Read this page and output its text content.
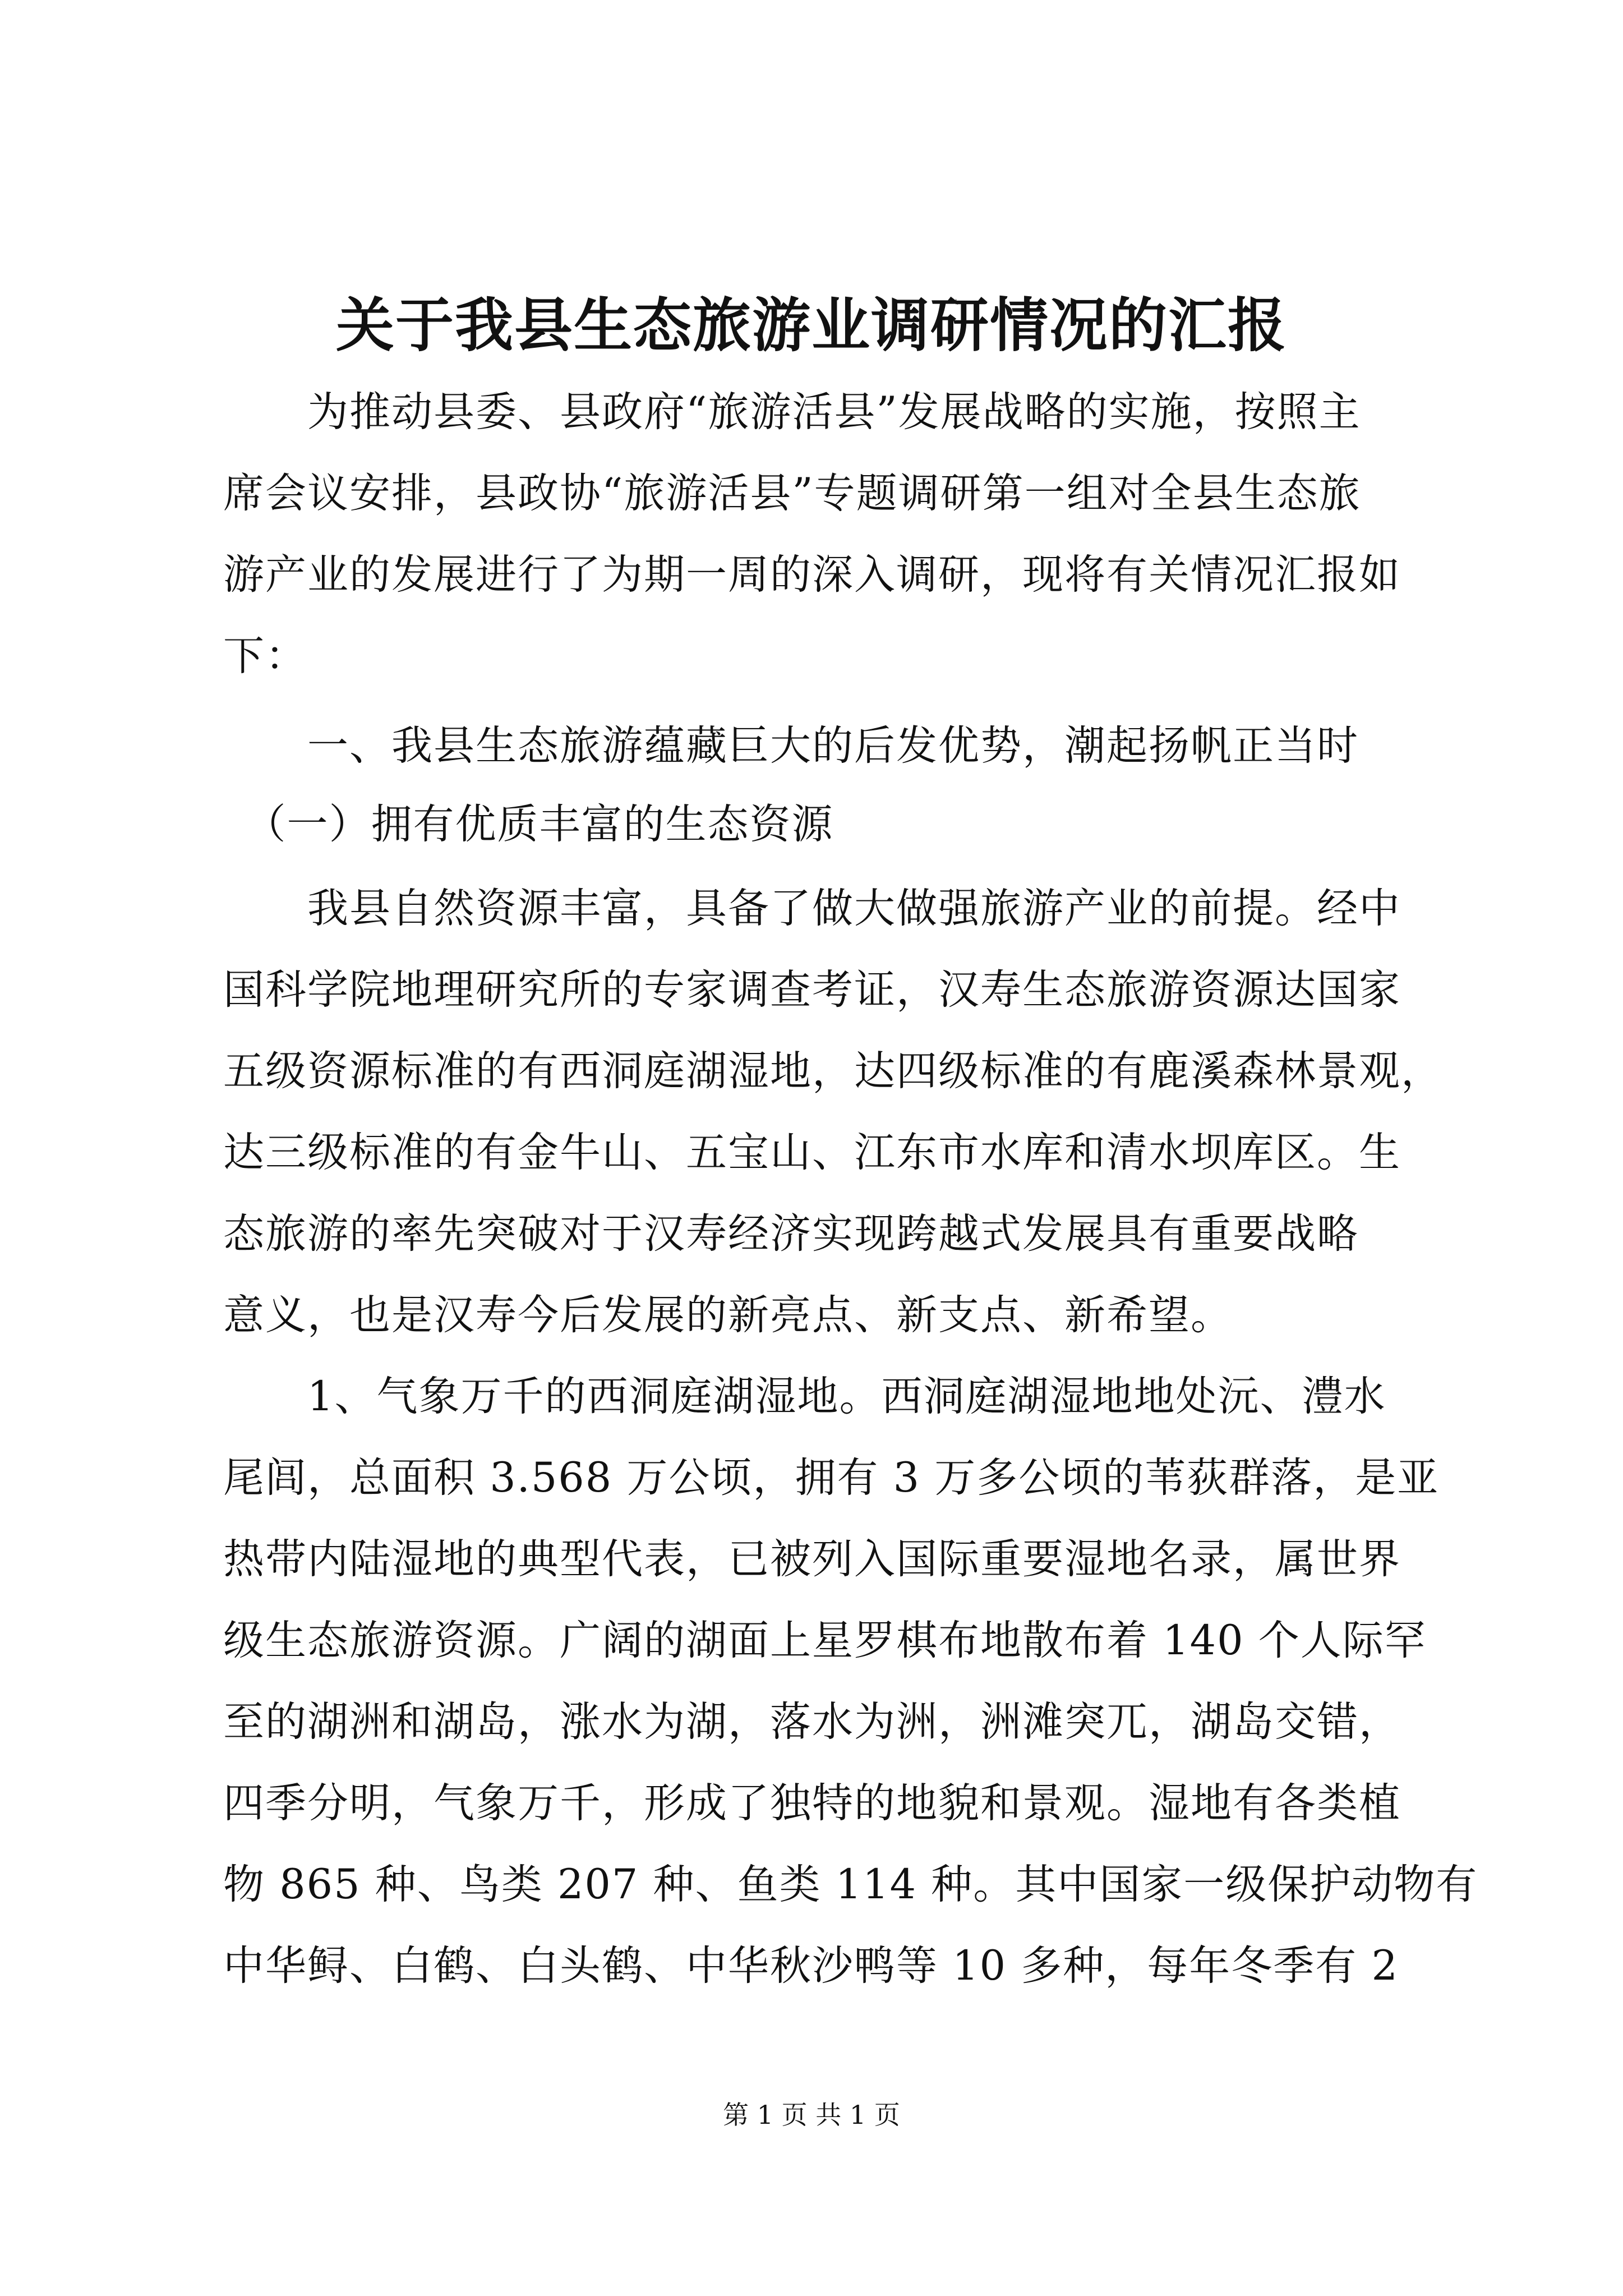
关于我县生态旅游业调研情况的汇报
　　为推动县委、县政府“旅游活县”发展战略的实施，按照主
席会议安排，县政协“旅游活县”专题调研第一组对全县生态旅
游产业的发展进行了为期一周的深入调研，现将有关情况汇报如
下：
　　一、我县生态旅游蕴藏巨大的后发优势，潮起扬帆正当时
　（一）拥有优质丰富的生态资源
　　我县自然资源丰富，具备了做大做强旅游产业的前提。经中
国科学院地理研究所的专家调查考证，汉寿生态旅游资源达国家
五级资源标准的有西洞庭湖湿地，达四级标准的有鹿溪森林景观，
达三级标准的有金牛山、五宝山、江东市水库和清水坝库区。生
态旅游的率先突破对于汉寿经济实现跨越式发展具有重要战略
意义，也是汉寿今后发展的新亮点、新支点、新希望。
　　1、气象万千的西洞庭湖湿地。西洞庭湖湿地地处沅、澧水
尾闾，总面积 3.568 万公顷，拥有 3 万多公顷的苇荻群落，是亚
热带内陆湿地的典型代表，已被列入国际重要湿地名录，属世界
级生态旅游资源。广阔的湖面上星罗棋布地散布着 140 个人际罕
至的湖洲和湖岛，涨水为湖，落水为洲，洲滩突兀，湖岛交错，
四季分明，气象万千，形成了独特的地貌和景观。湿地有各类植
物 865 种、鸟类 207 种、鱼类 114 种。其中国家一级保护动物有
中华鲟、白鹤、白头鹤、中华秋沙鸭等 10 多种，每年冬季有 2
第 1 页 共 1 页
